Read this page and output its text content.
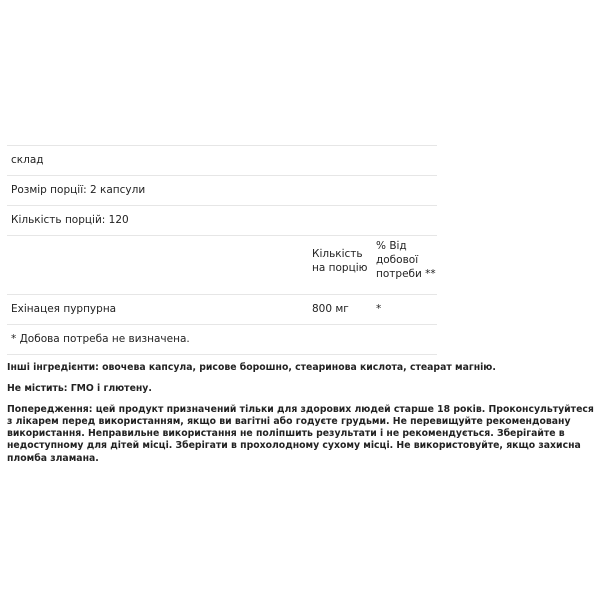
склад
Розмір порції: 2 капсули
Кількість порцій: 120
Кількість на порцію
% Від добової потреби **
Ехінацея пурпурна	800 мг	*
* Добова потреба не визначена.

Інші інгредієнти: овочева капсула, рисове борошно, стеаринова кислота, стеарат магнію.

Не містить: ГМО і глютену.

Попередження: цей продукт призначений тільки для здорових людей старше 18 років. Проконсультуйтеся з лікарем перед використанням, якщо ви вагітні або годуєте грудьми. Не перевищуйте рекомендовану використання. Неправильне використання не поліпшить результати і не рекомендується. Зберігайте в недоступному для дітей місці. Зберігати в прохолодному сухому місці. Не використовуйте, якщо захисна пломба зламана.
